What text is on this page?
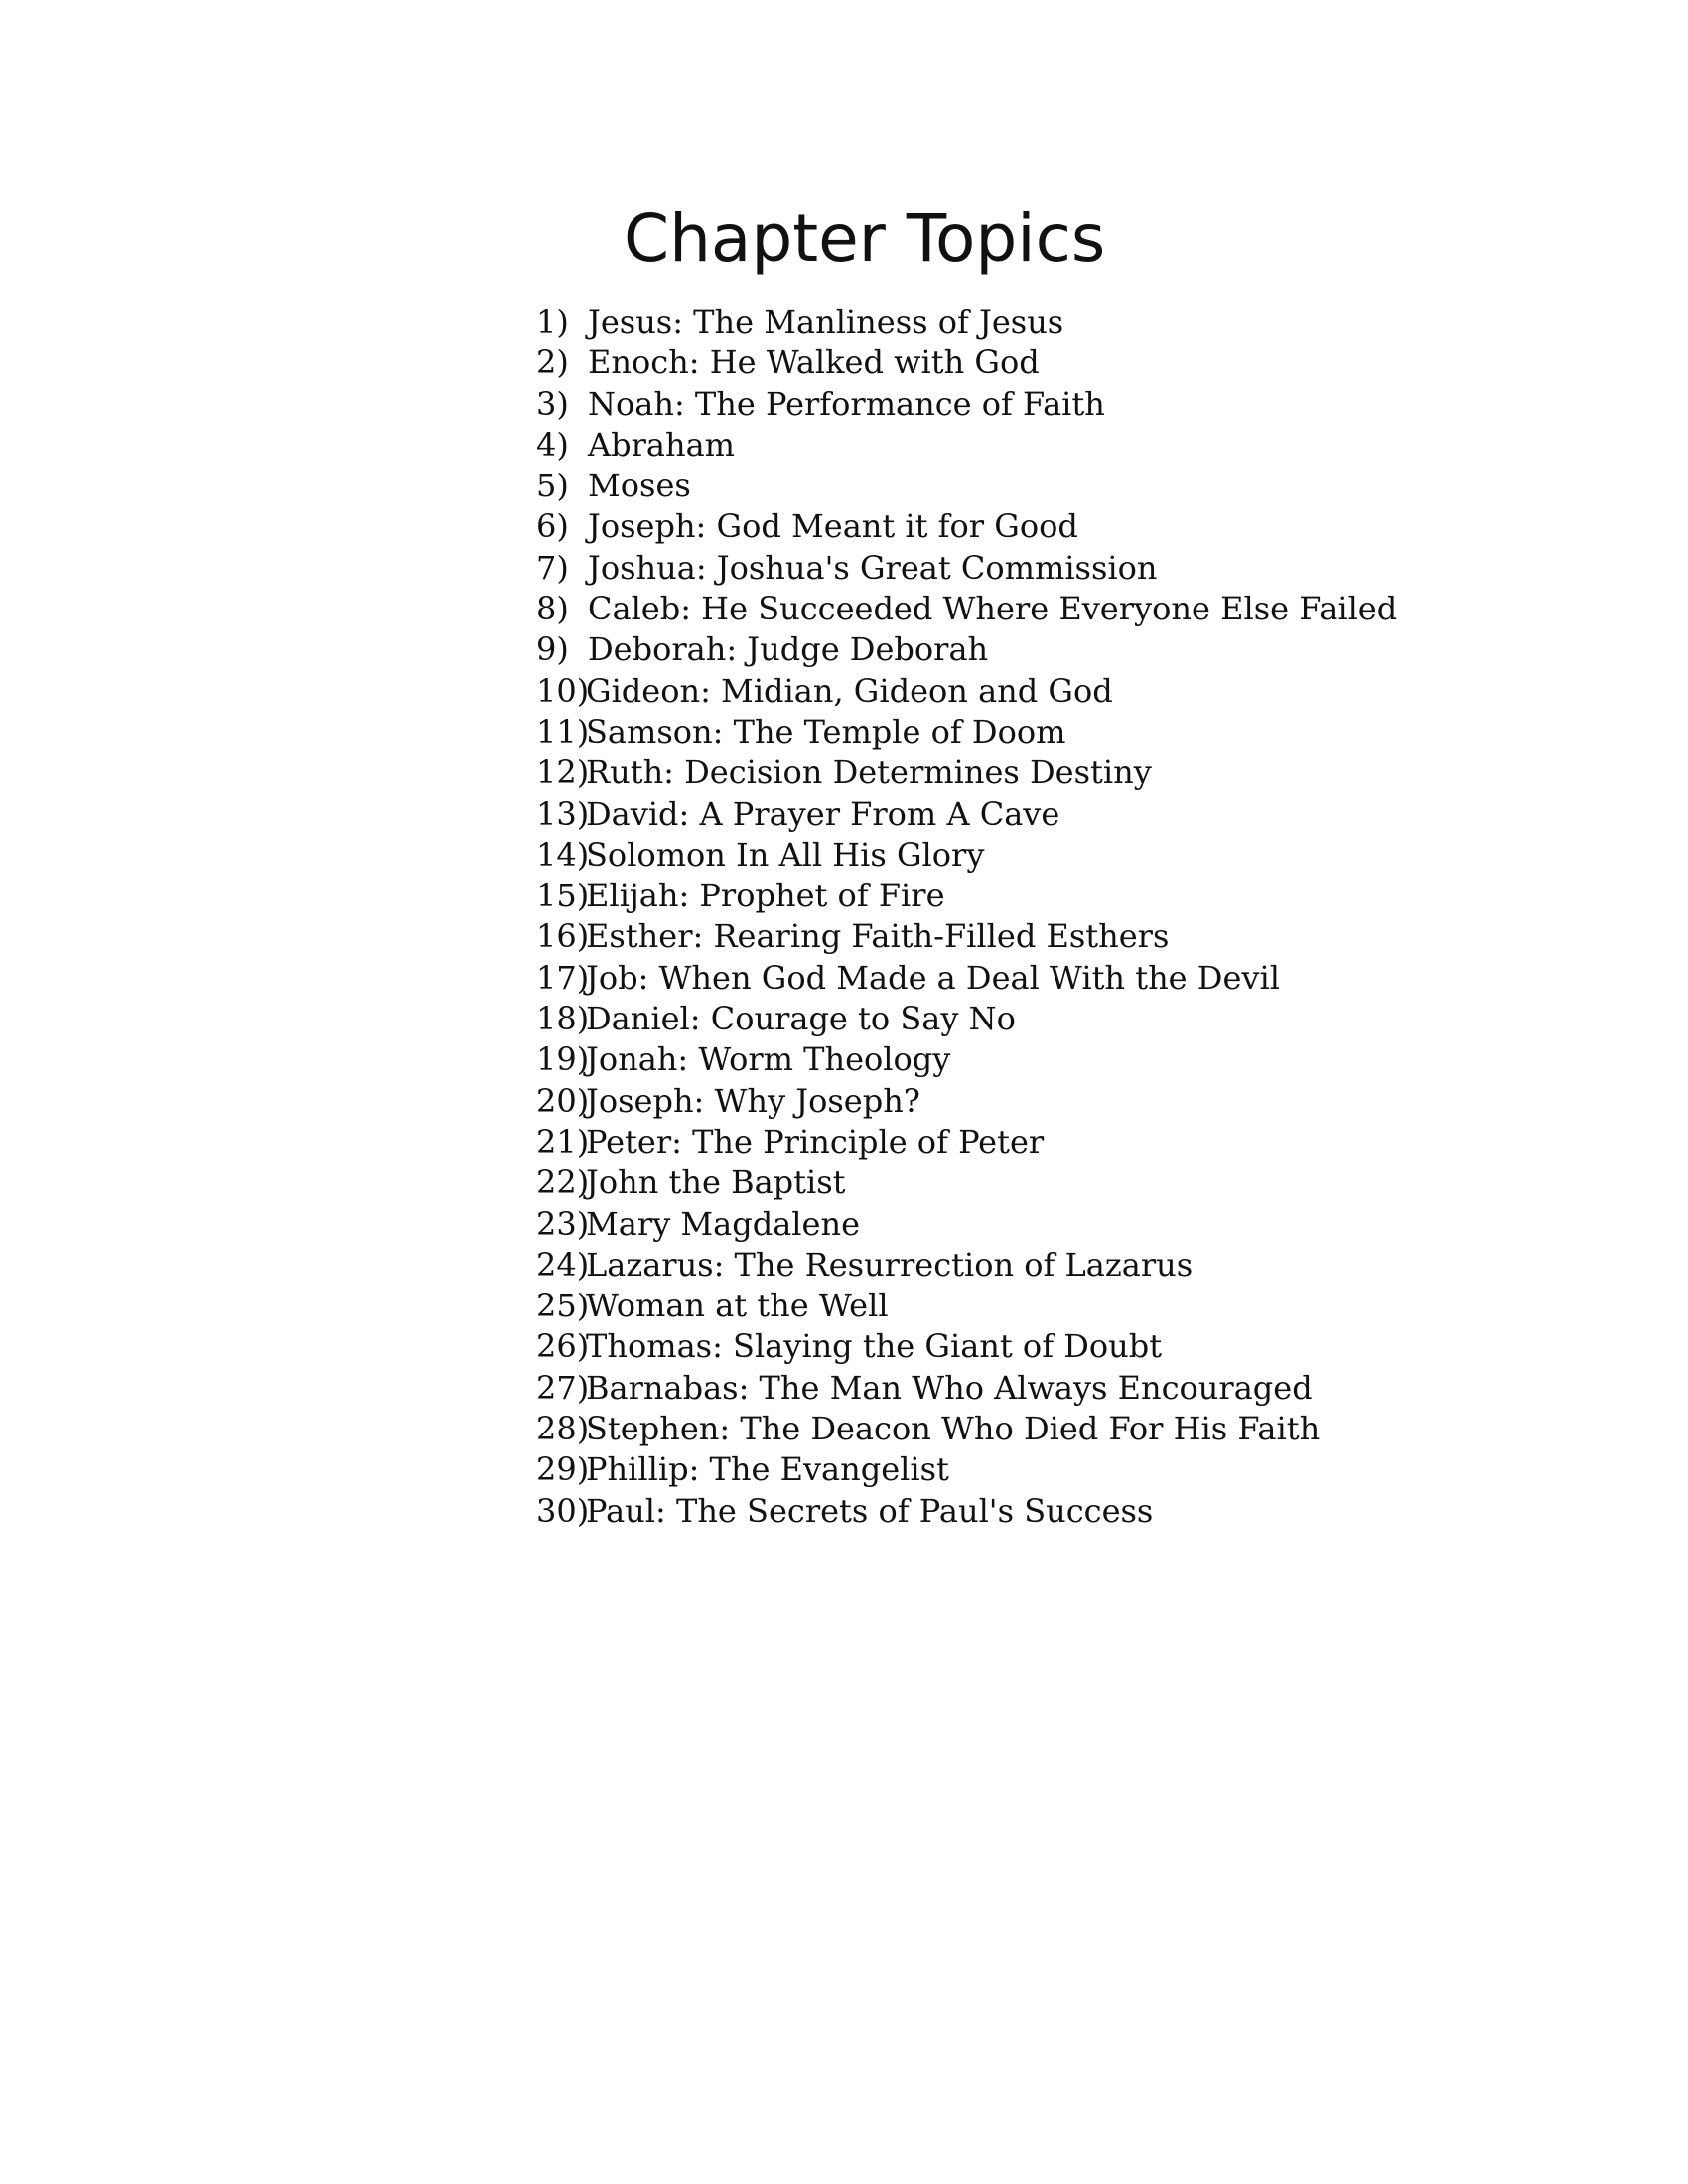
Chapter Topics
1) Jesus: The Manliness of Jesus
2) Enoch: He Walked with God
3) Noah: The Performance of Faith
4) Abraham
5) Moses
6) Joseph: God Meant it for Good
7) Joshua: Joshua's Great Commission
8) Caleb: He Succeeded Where Everyone Else Failed
9) Deborah: Judge Deborah
10)
Gideon: Midian, Gideon and God
11)
Samson: The Temple of Doom
12)
Ruth: Decision Determines Destiny
13)
David: A Prayer From A Cave
14)
Solomon In All His Glory
15)
Elijah: Prophet of Fire
16)
Esther: Rearing Faith-Filled Esthers
17)
Job: When God Made a Deal With the Devil
18)
Daniel: Courage to Say No
19)
Jonah: Worm Theology
20)
Joseph: Why Joseph?
21)
Peter: The Principle of Peter
22)
John the Baptist
23)
Mary Magdalene
24)
Lazarus: The Resurrection of Lazarus
25)
Woman at the Well
26)
Thomas: Slaying the Giant of Doubt
27)
Barnabas: The Man Who Always Encouraged
28)
Stephen: The Deacon Who Died For His Faith
29)
Phillip: The Evangelist
30)
Paul: The Secrets of Paul's Success
